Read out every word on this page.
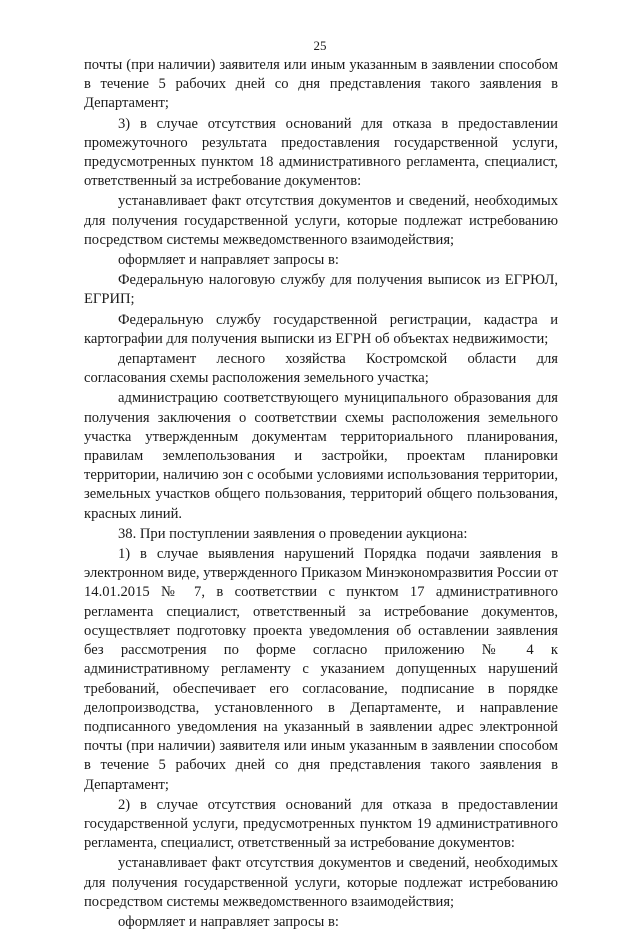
25

почты (при наличии) заявителя или иным указанным в заявлении способом в течение 5 рабочих дней со дня представления такого заявления в Департамент;

3) в случае отсутствия оснований для отказа в предоставлении промежуточного результата предоставления государственной услуги, предусмотренных пунктом 18 административного регламента, специалист, ответственный за истребование документов:

устанавливает факт отсутствия документов и сведений, необходимых для получения государственной услуги, которые подлежат истребованию посредством системы межведомственного взаимодействия;

оформляет и направляет запросы в:

Федеральную налоговую службу для получения выписок из ЕГРЮЛ, ЕГРИП;

Федеральную службу государственной регистрации, кадастра и картографии для получения выписки из ЕГРН об объектах недвижимости;

департамент лесного хозяйства Костромской области для согласования схемы расположения земельного участка;

администрацию соответствующего муниципального образования для получения заключения о соответствии схемы расположения земельного участка утвержденным документам территориального планирования, правилам землепользования и застройки, проектам планировки территории, наличию зон с особыми условиями использования территории, земельных участков общего пользования, территорий общего пользования, красных линий.

38. При поступлении заявления о проведении аукциона:

1) в случае выявления нарушений Порядка подачи заявления в электронном виде, утвержденного Приказом Минэкономразвития России от 14.01.2015 № 7, в соответствии с пунктом 17 административного регламента специалист, ответственный за истребование документов, осуществляет подготовку проекта уведомления об оставлении заявления без рассмотрения по форме согласно приложению № 4 к административному регламенту с указанием допущенных нарушений требований, обеспечивает его согласование, подписание в порядке делопроизводства, установленного в Департаменте, и направление подписанного уведомления на указанный в заявлении адрес электронной почты (при наличии) заявителя или иным указанным в заявлении способом в течение 5 рабочих дней со дня представления такого заявления в Департамент;

2) в случае отсутствия оснований для отказа в предоставлении государственной услуги, предусмотренных пунктом 19 административного регламента, специалист, ответственный за истребование документов:

устанавливает факт отсутствия документов и сведений, необходимых для получения государственной услуги, которые подлежат истребованию посредством системы межведомственного взаимодействия;

оформляет и направляет запросы в:
